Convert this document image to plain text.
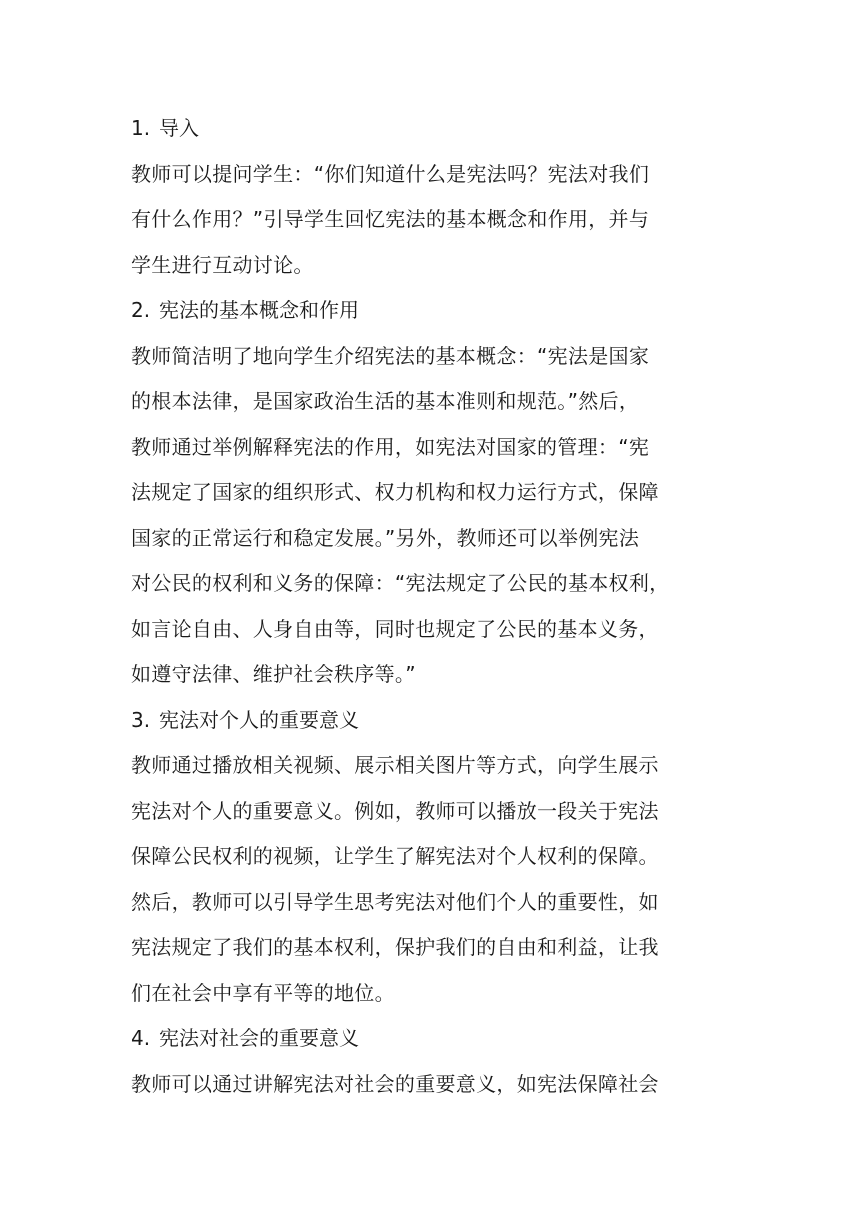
1. 导入
教师可以提问学生：“你们知道什么是宪法吗？宪法对我们
有什么作用？”引导学生回忆宪法的基本概念和作用，并与
学生进行互动讨论。
2. 宪法的基本概念和作用
教师简洁明了地向学生介绍宪法的基本概念：“宪法是国家
的根本法律，是国家政治生活的基本准则和规范。”然后，
教师通过举例解释宪法的作用，如宪法对国家的管理：“宪
法规定了国家的组织形式、权力机构和权力运行方式，保障
国家的正常运行和稳定发展。”另外，教师还可以举例宪法
对公民的权利和义务的保障：“宪法规定了公民的基本权利，
如言论自由、人身自由等，同时也规定了公民的基本义务，
如遵守法律、维护社会秩序等。”
3. 宪法对个人的重要意义
教师通过播放相关视频、展示相关图片等方式，向学生展示
宪法对个人的重要意义。例如，教师可以播放一段关于宪法
保障公民权利的视频，让学生了解宪法对个人权利的保障。
然后，教师可以引导学生思考宪法对他们个人的重要性，如
宪法规定了我们的基本权利，保护我们的自由和利益，让我
们在社会中享有平等的地位。
4. 宪法对社会的重要意义
教师可以通过讲解宪法对社会的重要意义，如宪法保障社会
